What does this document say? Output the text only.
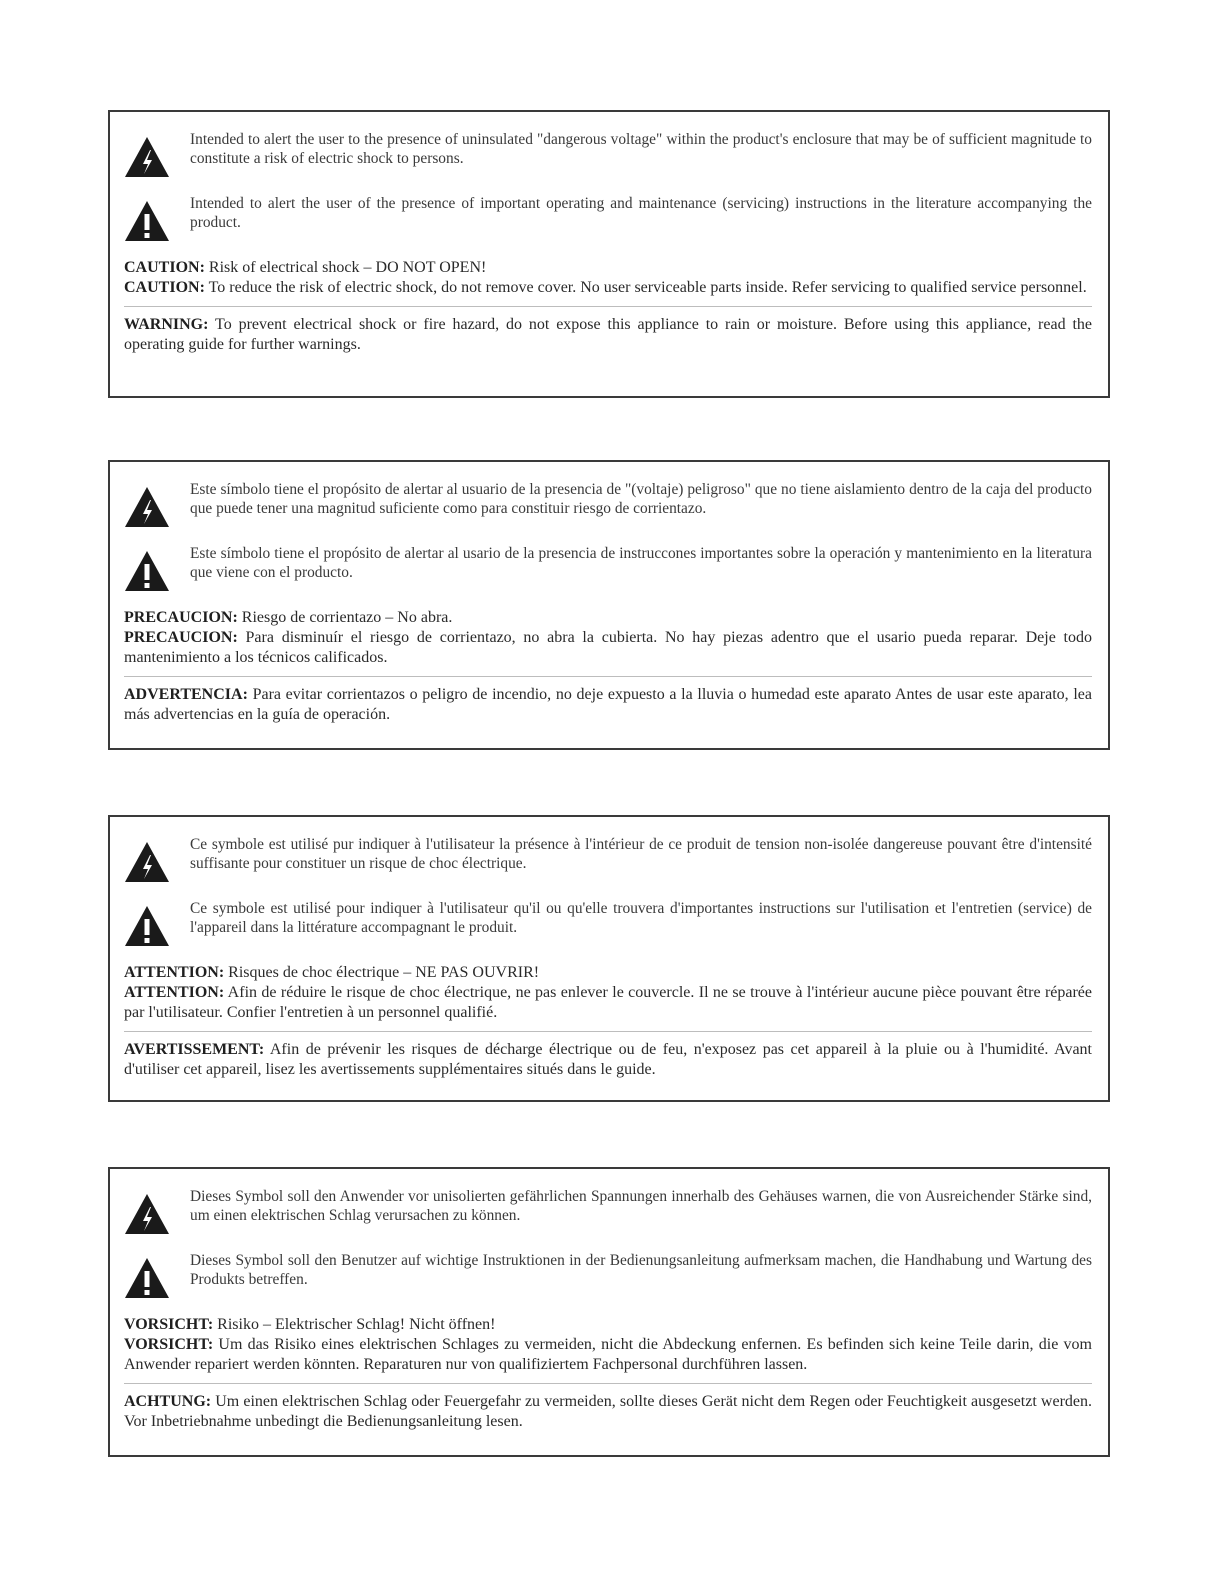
Intended to alert the user to the presence of uninsulated "dangerous voltage" within the product's enclosure that may be of sufficient magnitude to constitute a risk of electric shock to persons.
Intended to alert the user of the presence of important operating and maintenance (servicing) instructions in the literature accompanying the product.

CAUTION: Risk of electrical shock – DO NOT OPEN!

CAUTION: To reduce the risk of electric shock, do not remove cover. No user serviceable parts inside. Refer servicing to qualified service personnel.

WARNING: To prevent electrical shock or fire hazard, do not expose this appliance to rain or moisture. Before using this appliance, read the operating guide for further warnings.

Este símbolo tiene el propósito de alertar al usuario de la presencia de "(voltaje) peligroso" que no tiene aislamiento dentro de la caja del producto que puede tener una magnitud suficiente como para constituir riesgo de corrientazo.
Este símbolo tiene el propósito de alertar al usario de la presencia de instruccones importantes sobre la operación y mantenimiento en la literatura que viene con el producto.

PRECAUCION: Riesgo de corrientazo – No abra.

PRECAUCION: Para disminuír el riesgo de corrientazo, no abra la cubierta. No hay piezas adentro que el usario pueda reparar. Deje todo mantenimiento a los técnicos calificados.

ADVERTENCIA: Para evitar corrientazos o peligro de incendio, no deje expuesto a la lluvia o humedad este aparato Antes de usar este aparato, lea más advertencias en la guía de operación.

Ce symbole est utilisé pur indiquer à l'utilisateur la présence à l'intérieur de ce produit de tension non-isolée dangereuse pouvant être d'intensité suffisante pour constituer un risque de choc électrique.
Ce symbole est utilisé pour indiquer à l'utilisateur qu'il ou qu'elle trouvera d'importantes instructions sur l'utilisation et l'entretien (service) de l'appareil dans la littérature accompagnant le produit.

ATTENTION: Risques de choc électrique – NE PAS OUVRIR!

ATTENTION: Afin de réduire le risque de choc électrique, ne pas enlever le couvercle. Il ne se trouve à l'intérieur aucune pièce pouvant être réparée par l'utilisateur. Confier l'entretien à un personnel qualifié.

AVERTISSEMENT: Afin de prévenir les risques de décharge électrique ou de feu, n'exposez pas cet appareil à la pluie ou à l'humidité. Avant d'utiliser cet appareil, lisez les avertissements supplémentaires situés dans le guide.

Dieses Symbol soll den Anwender vor unisolierten gefährlichen Spannungen innerhalb des Gehäuses warnen, die von Ausreichender Stärke sind, um einen elektrischen Schlag verursachen zu können.
Dieses Symbol soll den Benutzer auf wichtige Instruktionen in der Bedienungsanleitung aufmerksam machen, die Handhabung und Wartung des Produkts betreffen.

VORSICHT: Risiko – Elektrischer Schlag! Nicht öffnen!

VORSICHT: Um das Risiko eines elektrischen Schlages zu vermeiden, nicht die Abdeckung enfernen. Es befinden sich keine Teile darin, die vom Anwender repariert werden könnten. Reparaturen nur von qualifiziertem Fachpersonal durchführen lassen.

ACHTUNG: Um einen elektrischen Schlag oder Feuergefahr zu vermeiden, sollte dieses Gerät nicht dem Regen oder Feuchtigkeit ausgesetzt werden. Vor Inbetriebnahme unbedingt die Bedienungsanleitung lesen.
